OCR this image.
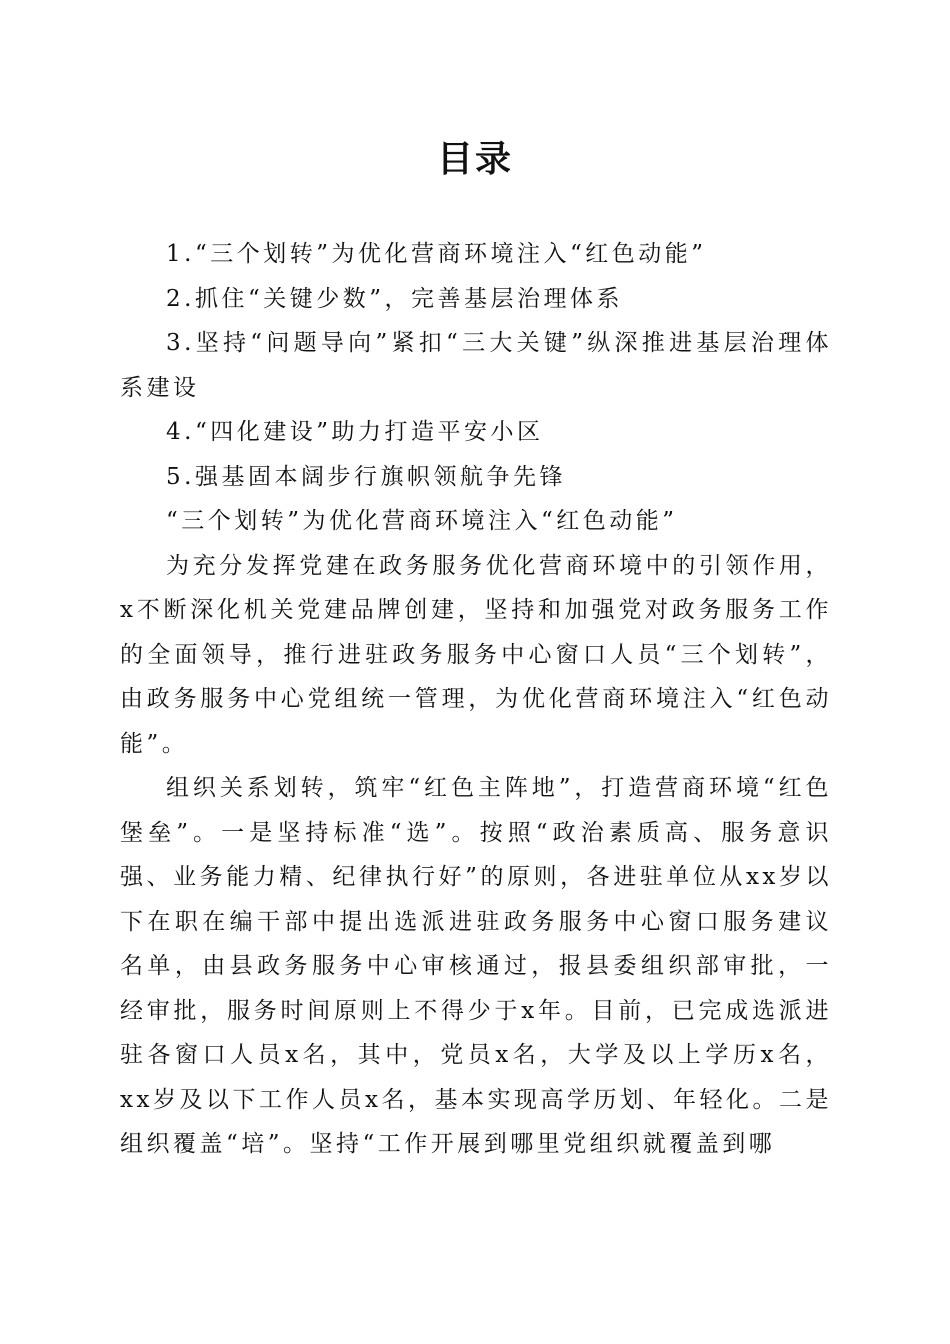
目录

1.“三个划转”为优化营商环境注入“红色动能”

2.抓住“关键少数”，完善基层治理体系

3.坚持“问题导向”紧扣“三大关键”纵深推进基层治理体系建设

4.“四化建设”助力打造平安小区

5.强基固本阔步行旗帜领航争先锋

“三个划转”为优化营商环境注入“红色动能”

为充分发挥党建在政务服务优化营商环境中的引领作用，x不断深化机关党建品牌创建，坚持和加强党对政务服务工作的全面领导，推行进驻政务服务中心窗口人员“三个划转”，由政务服务中心党组统一管理，为优化营商环境注入“红色动能”。

组织关系划转，筑牢“红色主阵地”，打造营商环境“红色堡垒”。一是坚持标准“选”。按照“政治素质高、服务意识强、业务能力精、纪律执行好”的原则，各进驻单位从xx岁以下在职在编干部中提出选派进驻政务服务中心窗口服务建议名单，由县政务服务中心审核通过，报县委组织部审批，一经审批，服务时间原则上不得少于x年。目前，已完成选派进驻各窗口人员x名，其中，党员x名，大学及以上学历x名，xx岁及以下工作人员x名，基本实现高学历划、年轻化。二是组织覆盖“培”。坚持“工作开展到哪里党组织就覆盖到哪
